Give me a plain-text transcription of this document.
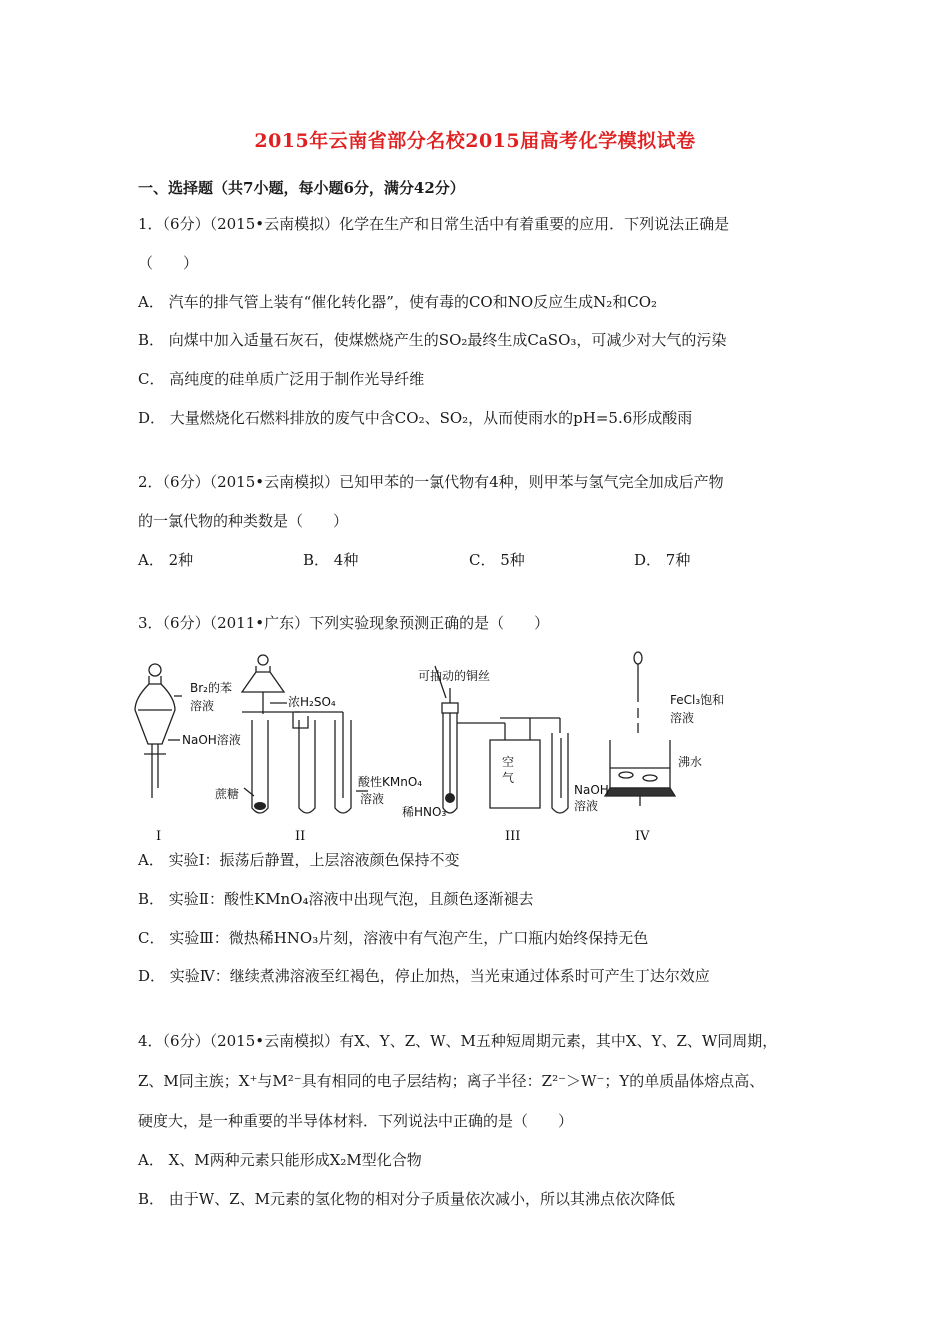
2015年云南省部分名校2015届高考化学模拟试卷
一、选择题（共7小题，每小题6分，满分42分）
1．（6分）（2015•云南模拟）化学在生产和日常生活中有着重要的应用．下列说法正确是
（　　）
A． 汽车的排气管上装有“催化转化器”，使有毒的CO和NO反应生成N₂和CO₂
B． 向煤中加入适量石灰石，使煤燃烧产生的SO₂最终生成CaSO₃，可减少对大气的污染
C． 高纯度的硅单质广泛用于制作光导纤维
D． 大量燃烧化石燃料排放的废气中含CO₂、SO₂，从而使雨水的pH=5.6形成酸雨
2．（6分）（2015•云南模拟）已知甲苯的一氯代物有4种，则甲苯与氢气完全加成后产物
的一氯代物的种类数是（　　）
A． 2种	B． 4种	C． 5种	D． 7种
3．（6分）（2011•广东）下列实验现象预测正确的是（　　）
Br₂的苯
溶液
NaOH溶液
浓H₂SO₄
蔗糖
酸性KMnO₄
溶液
可抽动的铜丝
空
气
稀HNO₃
NaOH
溶液
FeCl₃饱和
溶液
沸水
I	II	III	IV
A． 实验Ⅰ：振荡后静置，上层溶液颜色保持不变
B． 实验Ⅱ：酸性KMnO₄溶液中出现气泡，且颜色逐渐褪去
C． 实验Ⅲ：微热稀HNO₃片刻，溶液中有气泡产生，广口瓶内始终保持无色
D． 实验Ⅳ：继续煮沸溶液至红褐色，停止加热，当光束通过体系时可产生丁达尔效应
4．（6分）（2015•云南模拟）有X、Y、Z、W、M五种短周期元素，其中X、Y、Z、W同周期，
Z、M同主族；X⁺与M²⁻具有相同的电子层结构；离子半径：Z²⁻＞W⁻；Y的单质晶体熔点高、
硬度大，是一种重要的半导体材料．下列说法中正确的是（　　）
A． X、M两种元素只能形成X₂M型化合物
B． 由于W、Z、M元素的氢化物的相对分子质量依次减小，所以其沸点依次降低
